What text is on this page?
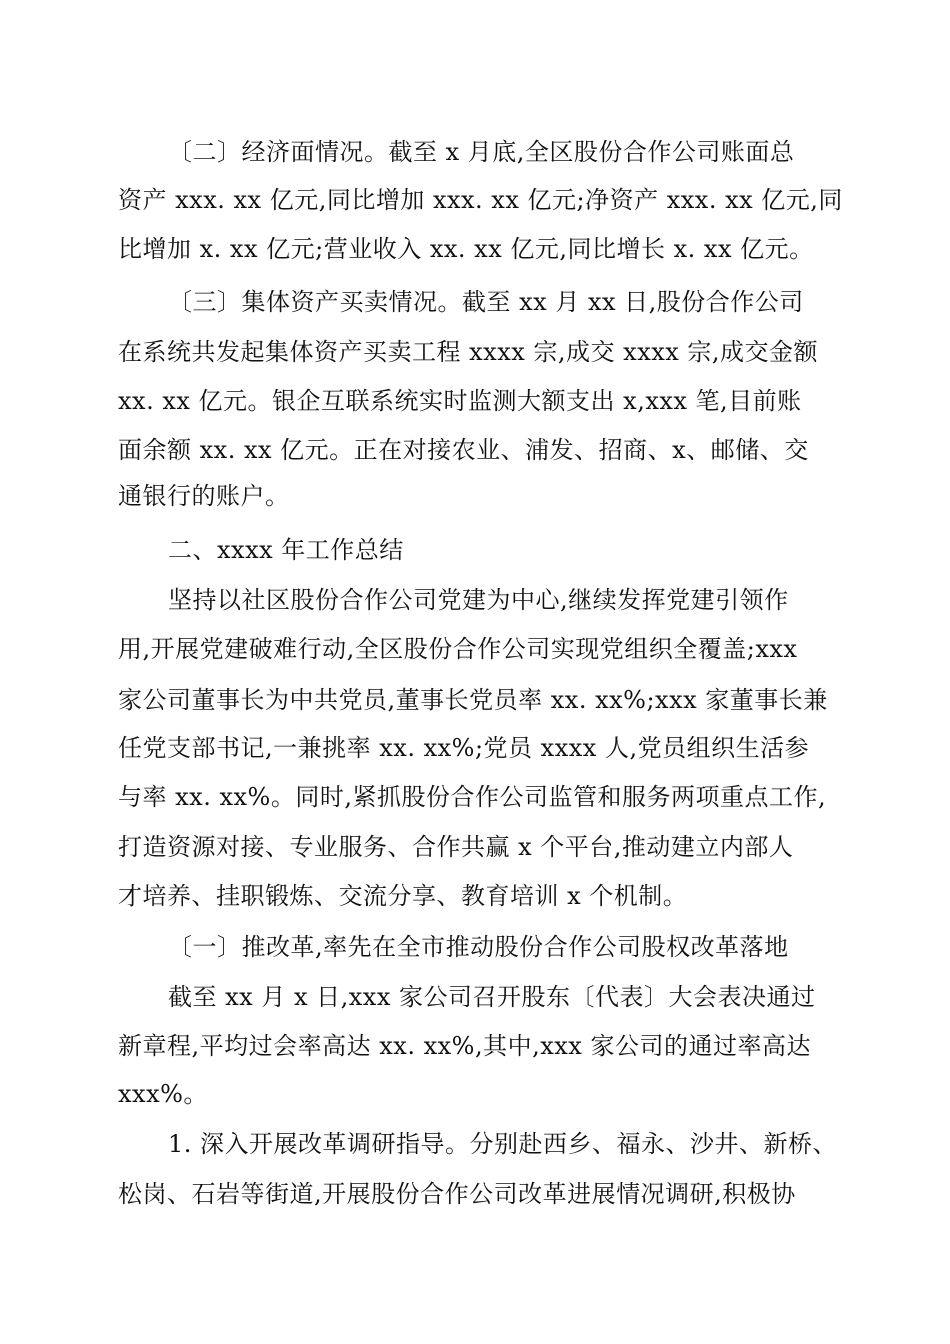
〔二〕经济面情况。截至 x 月底,全区股份合作公司账面总
资产 xxx. xx 亿元,同比增加 xxx. xx 亿元;净资产 xxx. xx 亿元,同
比增加 x. xx 亿元;营业收入 xx. xx 亿元,同比增长 x. xx 亿元。
〔三〕集体资产买卖情况。截至 xx 月 xx 日,股份合作公司
在系统共发起集体资产买卖工程 xxxx 宗,成交 xxxx 宗,成交金额
xx. xx 亿元。银企互联系统实时监测大额支出 x,xxx 笔,目前账
面余额 xx. xx 亿元。正在对接农业、浦发、招商、x、邮储、交
通银行的账户。
二、xxxx 年工作总结
坚持以社区股份合作公司党建为中心,继续发挥党建引领作
用,开展党建破难行动,全区股份合作公司实现党组织全覆盖;xxx
家公司董事长为中共党员,董事长党员率 xx. xx%;xxx 家董事长兼
任党支部书记,一兼挑率 xx. xx%;党员 xxxx 人,党员组织生活参
与率 xx. xx%。同时,紧抓股份合作公司监管和服务两项重点工作,
打造资源对接、专业服务、合作共赢 x 个平台,推动建立内部人
才培养、挂职锻炼、交流分享、教育培训 x 个机制。
〔一〕推改革,率先在全市推动股份合作公司股权改革落地
截至 xx 月 x 日,xxx 家公司召开股东〔代表〕大会表决通过
新章程,平均过会率高达 xx. xx%,其中,xxx 家公司的通过率高达
xxx%。
1. 深入开展改革调研指导。分别赴西乡、福永、沙井、新桥、
松岗、石岩等街道,开展股份合作公司改革进展情况调研,积极协
